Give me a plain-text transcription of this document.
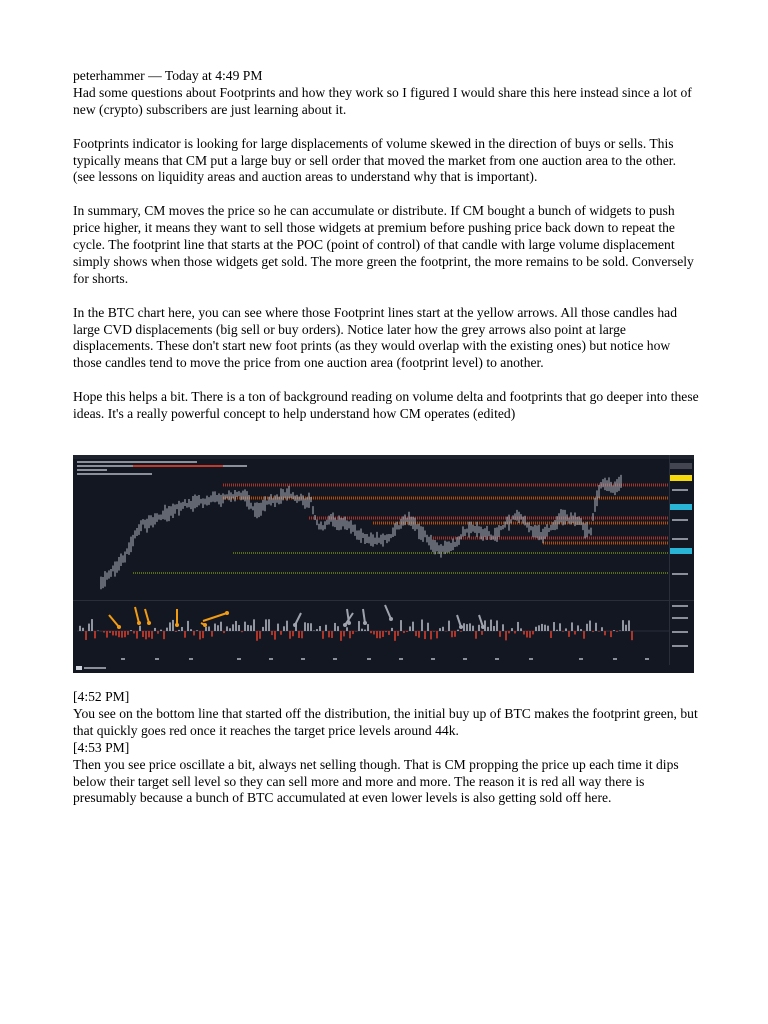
peterhammer — Today at 4:49 PM

Had some questions about Footprints and how they work so I figured I would share this here instead since a lot of new (crypto) subscribers are just learning about it.

Footprints indicator is looking for large displacements of volume skewed in the direction of buys or sells. This typically means that CM put a large buy or sell order that moved the market from one auction area to the other. (see lessons on liquidity areas and auction areas to understand why that is important).

In summary, CM moves the price so he can accumulate or distribute. If CM bought a bunch of widgets to push price higher, it means they want to sell those widgets at premium before pushing price back down to repeat the cycle. The footprint line that starts at the POC (point of control) of that candle with large volume displacement simply shows when those widgets get sold. The more green the footprint, the more remains to be sold. Conversely for shorts.

In the BTC chart here, you can see where those Footprint lines start at the yellow arrows. All those candles had large CVD displacements (big sell or buy orders). Notice later how the grey arrows also point at large displacements. These don't start new foot prints (as they would overlap with the existing ones) but notice how those candles tend to move the price from one auction area (footprint level) to another.

Hope this helps a bit. There is a ton of background reading on volume delta and footprints that go deeper into these ideas. It's a really powerful concept to help understand how CM operates (edited)

[4:52 PM]

You see on the bottom line that started off the distribution, the initial buy up of BTC makes the footprint green, but that quickly goes red once it reaches the target price levels around 44k.

[4:53 PM]

Then you see price oscillate a bit, always net selling though. That is CM propping the price up each time it dips below their target sell level so they can sell more and more and more. The reason it is red all way there is presumably because a bunch of BTC accumulated at even lower levels is also getting sold off here.
